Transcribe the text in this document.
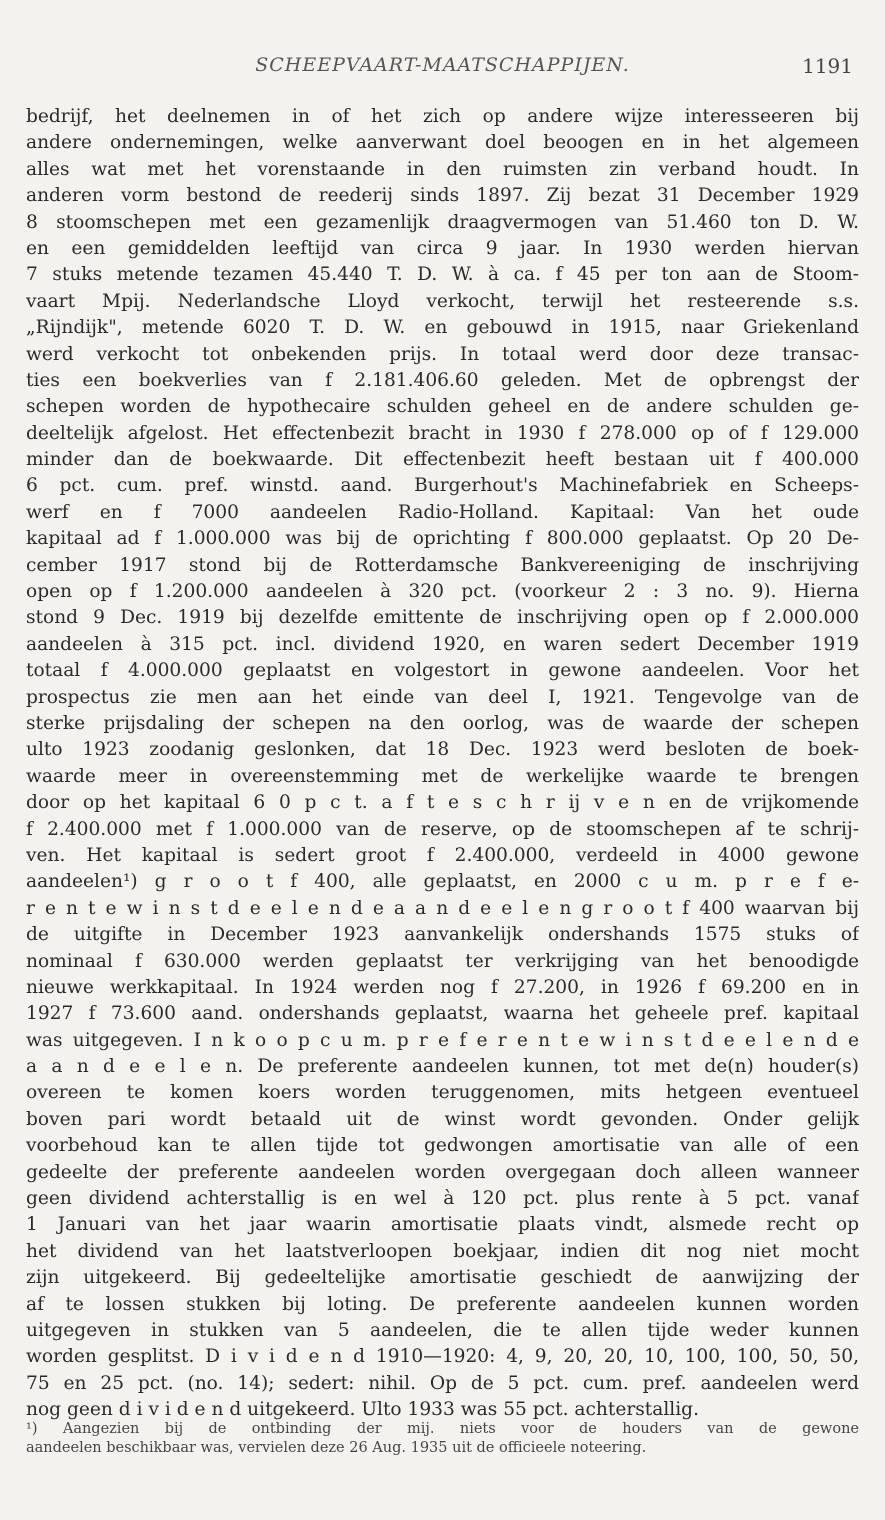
SCHEEPVAART-MAATSCHAPPIJEN.	1191
bedrijf, het deelnemen in of het zich op andere wijze interesseeren bij
andere ondernemingen, welke aanverwant doel beoogen en in het algemeen
alles wat met het vorenstaande in den ruimsten zin verband houdt. In
anderen vorm bestond de reederij sinds 1897. Zij bezat 31 December 1929
8 stoomschepen met een gezamenlijk draagvermogen van 51.460 ton D. W.
en een gemiddelden leeftijd van circa 9 jaar. In 1930 werden hiervan
7 stuks metende tezamen 45.440 T. D. W. à ca. f 45 per ton aan de Stoom-
vaart Mpij. Nederlandsche Lloyd verkocht, terwijl het resteerende s.s.
„Rijndijk", metende 6020 T. D. W. en gebouwd in 1915, naar Griekenland
werd verkocht tot onbekenden prijs. In totaal werd door deze transac-
ties een boekverlies van f 2.181.406.60 geleden. Met de opbrengst der
schepen worden de hypothecaire schulden geheel en de andere schulden ge-
deeltelijk afgelost. Het effectenbezit bracht in 1930 f 278.000 op of f 129.000
minder dan de boekwaarde. Dit effectenbezit heeft bestaan uit f 400.000
6 pct. cum. pref. winstd. aand. Burgerhout's Machinefabriek en Scheeps-
werf en f 7000 aandeelen Radio-Holland. Kapitaal: Van het oude
kapitaal ad f 1.000.000 was bij de oprichting f 800.000 geplaatst. Op 20 De-
cember 1917 stond bij de Rotterdamsche Bankvereeniging de inschrijving
open op f 1.200.000 aandeelen à 320 pct. (voorkeur 2 : 3 no. 9). Hierna
stond 9 Dec. 1919 bij dezelfde emittente de inschrijving open op f 2.000.000
aandeelen à 315 pct. incl. dividend 1920, en waren sedert December 1919
totaal f 4.000.000 geplaatst en volgestort in gewone aandeelen. Voor het
prospectus zie men aan het einde van deel I, 1921. Tengevolge van de
sterke prijsdaling der schepen na den oorlog, was de waarde der schepen
ulto 1923 zoodanig geslonken, dat 18 Dec. 1923 werd besloten de boek-
waarde meer in overeenstemming met de werkelijke waarde te brengen
door op het kapitaal 6 0 p c t. a f t e s c h r ij v e n en de vrijkomende
f 2.400.000 met f 1.000.000 van de reserve, op de stoomschepen af te schrij-
ven. Het kapitaal is sedert groot f 2.400.000, verdeeld in 4000 gewone
aandeelen¹) g r o o t f 400, alle geplaatst, en 2000 c u m. p r e f e-
r e n t e w i n s t d e e l e n d e a a n d e e l e n g r o o t f 400 waarvan bij
de uitgifte in December 1923 aanvankelijk ondershands 1575 stuks of
nominaal f 630.000 werden geplaatst ter verkrijging van het benoodigde
nieuwe werkkapitaal. In 1924 werden nog f 27.200, in 1926 f 69.200 en in
1927 f 73.600 aand. ondershands geplaatst, waarna het geheele pref. kapitaal
was uitgegeven. I n k o o p c u m. p r e f e r e n t e w i n s t d e e l e n d e
a a n d e e l e n. De preferente aandeelen kunnen, tot met de(n) houder(s)
overeen te komen koers worden teruggenomen, mits hetgeen eventueel
boven pari wordt betaald uit de winst wordt gevonden. Onder gelijk
voorbehoud kan te allen tijde tot gedwongen amortisatie van alle of een
gedeelte der preferente aandeelen worden overgegaan doch alleen wanneer
geen dividend achterstallig is en wel à 120 pct. plus rente à 5 pct. vanaf
1 Januari van het jaar waarin amortisatie plaats vindt, alsmede recht op
het dividend van het laatstverloopen boekjaar, indien dit nog niet mocht
zijn uitgekeerd. Bij gedeeltelijke amortisatie geschiedt de aanwijzing der
af te lossen stukken bij loting. De preferente aandeelen kunnen worden
uitgegeven in stukken van 5 aandeelen, die te allen tijde weder kunnen
worden gesplitst. D i v i d e n d 1910—1920: 4, 9, 20, 20, 10, 100, 100, 50, 50,
75 en 25 pct. (no. 14); sedert: nihil. Op de 5 pct. cum. pref. aandeelen werd
nog geen d i v i d e n d uitgekeerd. Ulto 1933 was 55 pct. achterstallig.
¹) Aangezien bij de ontbinding der mij. niets voor de houders van de gewone
aandeelen beschikbaar was, vervielen deze 26 Aug. 1935 uit de officieele noteering.
